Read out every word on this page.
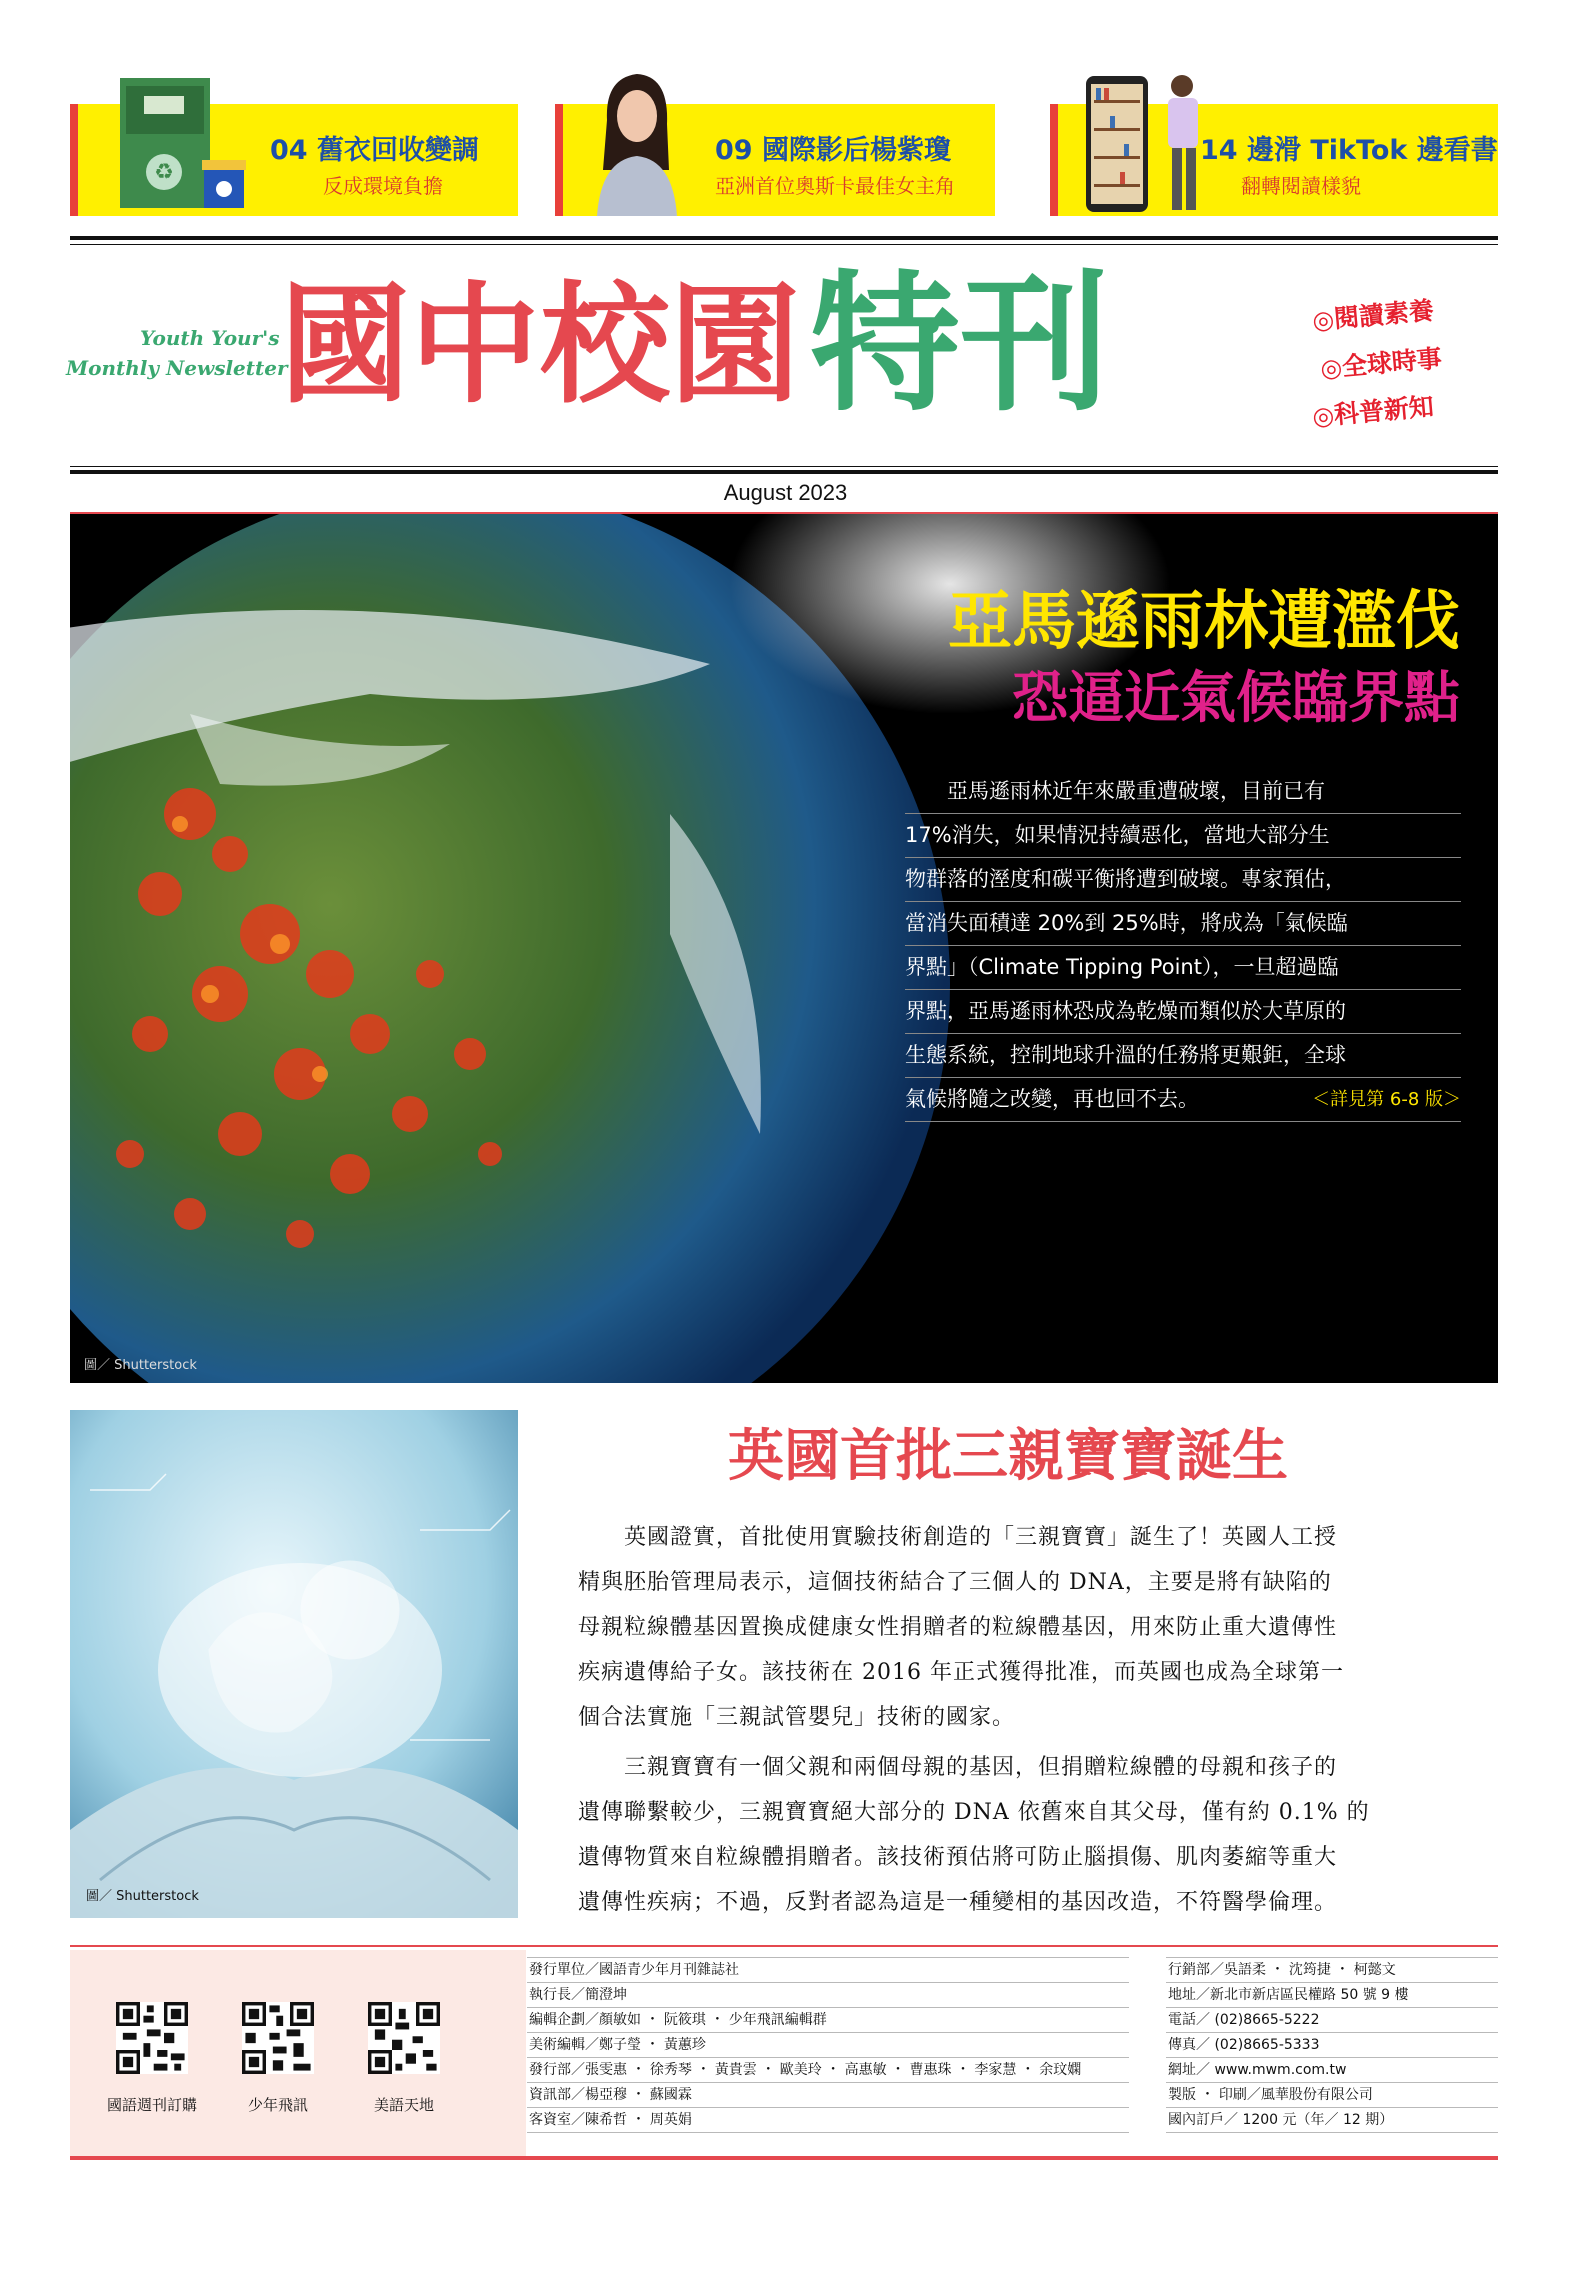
♻
04 舊衣回收變調
反成環境負擔
09 國際影后楊紫瓊
亞洲首位奧斯卡最佳女主角
14 邊滑 TikTok 邊看書
翻轉閱讀樣貌
Youth Your's
Monthly Newsletter
國 中 校 園 特 刊	◎閱讀素養
◎全球時事
◎科普新知
August 2023
亞馬遜雨林遭濫伐
恐逼近氣候臨界點
圖／ Shutterstock
　　亞馬遜雨林近年來嚴重遭破壞，目前已有
17%消失，如果情況持續惡化，當地大部分生
物群落的溼度和碳平衡將遭到破壞。專家預估，
當消失面積達 20%到 25%時，將成為「氣候臨
界點」（Climate Tipping Point），一旦超過臨
界點，亞馬遜雨林恐成為乾燥而類似於大草原的
生態系統，控制地球升溫的任務將更艱鉅，全球
氣候將隨之改變，再也回不去。	＜詳見第 6-8 版＞
圖／ Shutterstock
英國首批三親寶寶誕生
　　英國證實，首批使用實驗技術創造的「三親寶寶」誕生了！英國人工授
精與胚胎管理局表示，這個技術結合了三個人的 DNA，主要是將有缺陷的
母親粒線體基因置換成健康女性捐贈者的粒線體基因，用來防止重大遺傳性
疾病遺傳給子女。該技術在 2016 年正式獲得批准，而英國也成為全球第一
個合法實施「三親試管嬰兒」技術的國家。
　　三親寶寶有一個父親和兩個母親的基因，但捐贈粒線體的母親和孩子的
遺傳聯繫較少，三親寶寶絕大部分的 DNA 依舊來自其父母，僅有約 0.1% 的
遺傳物質來自粒線體捐贈者。該技術預估將可防止腦損傷、肌肉萎縮等重大
遺傳性疾病；不過，反對者認為這是一種變相的基因改造，不符醫學倫理。
國語週刊訂購	少年飛訊	美語天地
發行單位／國語青少年月刊雜誌社
執行長／簡澄坤
編輯企劃／顏敏如 ・ 阮筱琪 ・ 少年飛訊編輯群
美術編輯／鄭子瑩 ・ 黃蕙珍
發行部／張雯惠 ・ 徐秀琴 ・ 黃貴雲 ・ 歐美玲 ・ 高惠敏 ・ 曹惠珠 ・ 李家慧 ・ 余玟嫻
資訊部／楊亞穆 ・ 蘇國霖
客資室／陳希哲 ・ 周英娟
行銷部／吳語柔 ・ 沈筠捷 ・ 柯懿文
地址／新北市新店區民權路 50 號 9 樓
電話／ (02)8665-5222
傳真／ (02)8665-5333
網址／ www.mwm.com.tw
製版 ・ 印刷／風華股份有限公司
國內訂戶／ 1200 元（年／ 12 期）
